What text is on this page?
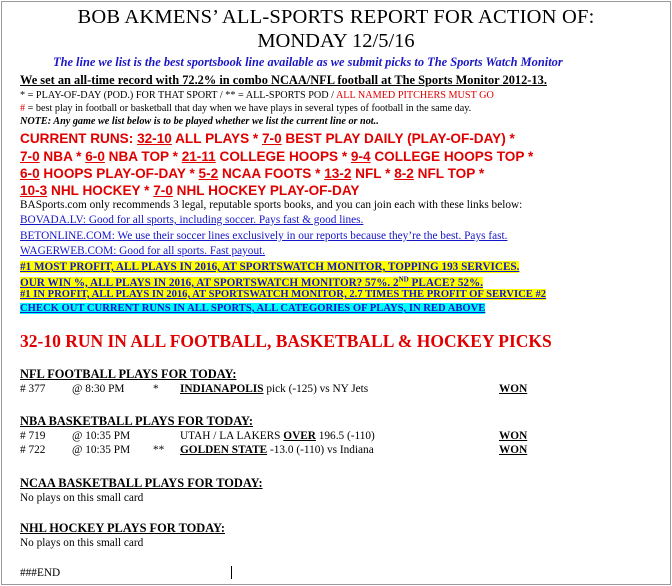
BOB AKMENS’ ALL-SPORTS REPORT FOR ACTION OF:
MONDAY 12/5/16
The line we list is the best sportsbook line available as we submit picks to The Sports Watch Monitor
We set an all-time record with 72.2% in combo NCAA/NFL football at The Sports Monitor 2012-13.
* = PLAY-OF-DAY (POD.) FOR THAT SPORT / ** = ALL-SPORTS POD / ALL NAMED PITCHERS MUST GO
# = best play in football or basketball that day when we have plays in several types of football in the same day.
NOTE: Any game we list below is to be played whether we list the current line or not..
CURRENT RUNS: 32-10 ALL PLAYS * 7-0 BEST PLAY DAILY (PLAY-OF-DAY) *
7-0 NBA * 6-0 NBA TOP * 21-11 COLLEGE HOOPS * 9-4 COLLEGE HOOPS TOP *
6-0 HOOPS PLAY-OF-DAY * 5-2 NCAA FOOTS * 13-2 NFL * 8-2 NFL TOP *
10-3 NHL HOCKEY * 7-0 NHL HOCKEY PLAY-OF-DAY
BASports.com only recommends 3 legal, reputable sports books, and you can join each with these links below:
BOVADA.LV: Good for all sports, including soccer. Pays fast & good lines.
BETONLINE.COM: We use their soccer lines exclusively in our reports because they’re the best. Pays fast.
WAGERWEB.COM: Good for all sports. Fast payout.
#1 MOST PROFIT, ALL PLAYS IN 2016, AT SPORTSWATCH MONITOR, TOPPING 193 SERVICES.
OUR WIN %, ALL PLAYS IN 2016, AT SPORTSWATCH MONITOR? 57%. 2ND PLACE? 52%.
#1 IN PROFIT, ALL PLAYS IN 2016, AT SPORTSWATCH MONITOR, 2.7 TIMES THE PROFIT OF SERVICE #2
CHECK OUT CURRENT RUNS IN ALL SPORTS, ALL CATEGORIES OF PLAYS, IN RED ABOVE
32-10 RUN IN ALL FOOTBALL, BASKETBALL & HOCKEY PICKS
NFL FOOTBALL PLAYS FOR TODAY:
# 377 @ 8:30 PM	* INDIANAPOLIS pick (-125) vs NY Jets	WON
NBA BASKETBALL PLAYS FOR TODAY:
# 719 @ 10:35 PM	UTAH / LA LAKERS OVER 196.5 (-110)	WON
# 722 @ 10:35 PM ** GOLDEN STATE -13.0 (-110) vs Indiana	WON
NCAA BASKETBALL PLAYS FOR TODAY:
No plays on this small card
NHL HOCKEY PLAYS FOR TODAY:
No plays on this small card
###END
